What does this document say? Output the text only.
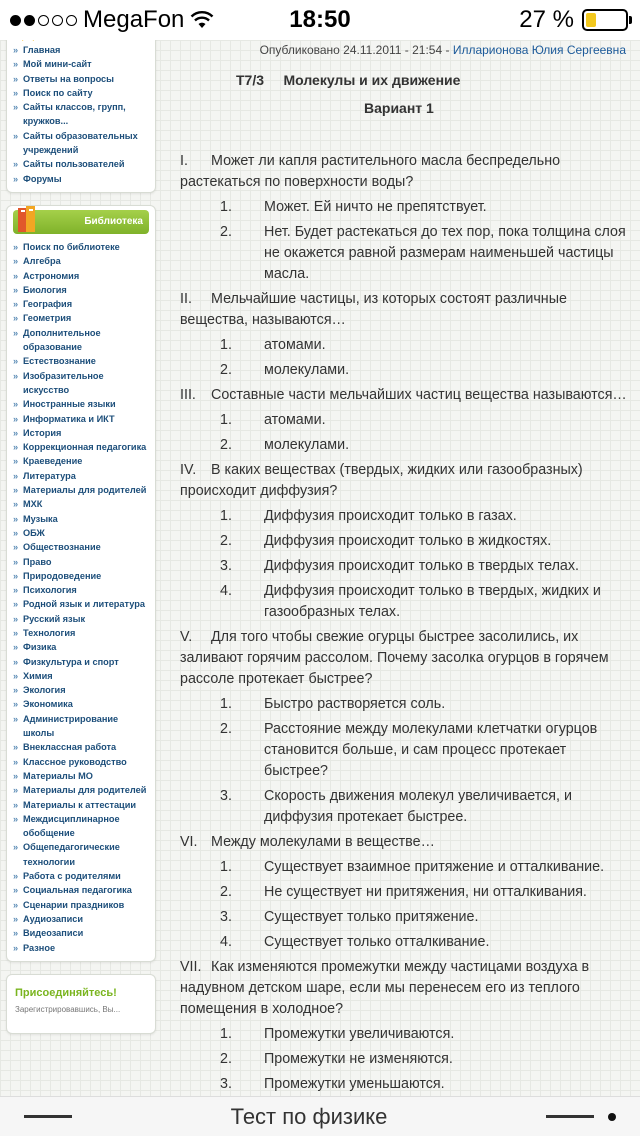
MegaFon	18:50	27 %
» Главная
» Мой мини-сайт
» Ответы на вопросы
» Поиск по сайту
» Сайты классов, групп, кружков...
» Сайты образовательных учреждений
» Сайты пользователей
» Форумы
Библиотека
» Поиск по библиотеке
» Алгебра
» Астрономия
» Биология
» География
» Геометрия
» Дополнительное образование
» Естествознание
» Изобразительное искусство
» Иностранные языки
» Информатика и ИКТ
» История
» Коррекционная педагогика
» Краеведение
» Литература
» Материалы для родителей
» МХК
» Музыка
» ОБЖ
» Обществознание
» Право
» Природоведение
» Психология
» Родной язык и литература
» Русский язык
» Технология
» Физика
» Физкультура и спорт
» Химия
» Экология
» Экономика
» Администрирование школы
» Внеклассная работа
» Классное руководство
» Материалы МО
» Материалы для родителей
» Материалы к аттестации
» Междисциплинарное обобщение
» Общепедагогические технологии
» Работа с родителями
» Социальная педагогика
» Сценарии праздников
» Аудиозаписи
» Видеозаписи
» Разное
Присоединяйтесь!
Зарегистрировавшись, Вы...
Опубликовано 24.11.2011 - 21:54 - Илларионова Юлия Сергеевна
Т7/3     Молекулы и их движение
Вариант 1
I. Может ли капля растительного масла беспредельно растекаться по поверхности воды?
1. Может. Ей ничто не препятствует.
2. Нет. Будет растекаться до тех пор, пока толщина слоя не окажется равной размерам наименьшей частицы масла.
II. Мельчайшие частицы, из которых состоят различные вещества, называются…
1. атомами.
2. молекулами.
III. Составные части мельчайших частиц вещества называются…
1. атомами.
2. молекулами.
IV. В каких веществах (твердых, жидких или газообразных) происходит диффузия?
1. Диффузия происходит только в газах.
2. Диффузия происходит только в жидкостях.
3. Диффузия происходит только в твердых телах.
4. Диффузия происходит только в твердых, жидких и газообразных телах.
V. Для того чтобы свежие огурцы быстрее засолились, их заливают горячим рассолом. Почему засолка огурцов в горячем рассоле протекает быстрее?
1. Быстро растворяется соль.
2. Расстояние между молекулами клетчатки огурцов становится больше, и сам процесс протекает быстрее?
3. Скорость движения молекул увеличивается, и диффузия протекает быстрее.
VI. Между молекулами в веществе…
1. Существует взаимное притяжение и отталкивание.
2. Не существует ни притяжения, ни отталкивания.
3. Существует только притяжение.
4. Существует только отталкивание.
VII. Как изменяются промежутки между частицами воздуха в надувном детском шаре, если мы перенесем его из теплого помещения в холодное?
1. Промежутки увеличиваются.
2. Промежутки не изменяются.
3. Промежутки уменьшаются.
Тест по физике
